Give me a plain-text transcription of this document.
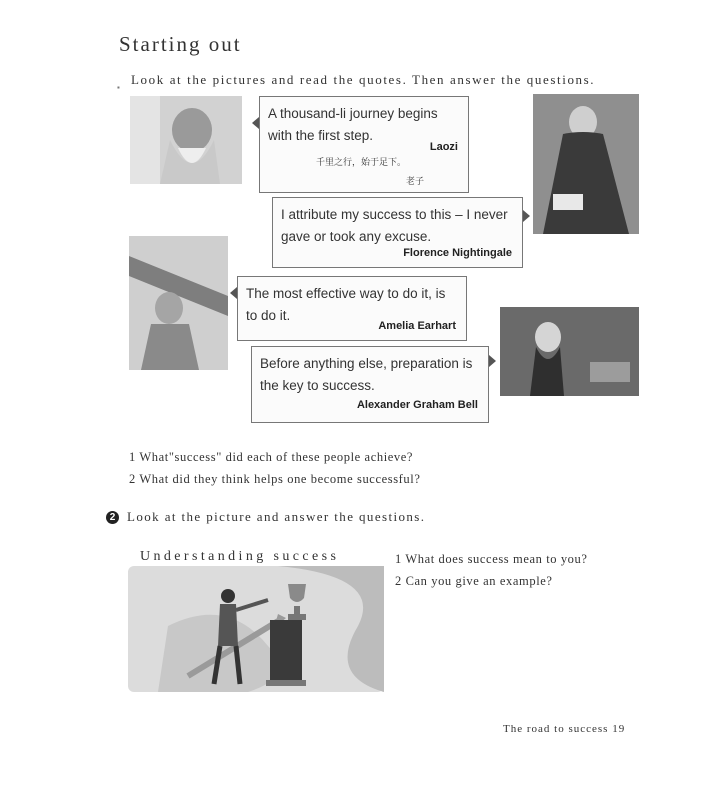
Starting out
▪
Look at the pictures and read the quotes. Then answer the questions.
A thousand-li journey begins
with the first step.
Laozi
千里之行，始于足下。
老子
I attribute my success to this – I never
gave or took any excuse.
Florence Nightingale
The most effective way to do it, is
to do it.
Amelia Earhart
Before anything else, preparation is
the key to success.
Alexander Graham Bell
1 What"success" did each of these people achieve?
2 What did they think helps one become successful?
2 Look at the picture and answer the questions.
Understanding success	1 What does success mean to you?
2 Can you give an example?
The road to success 19
